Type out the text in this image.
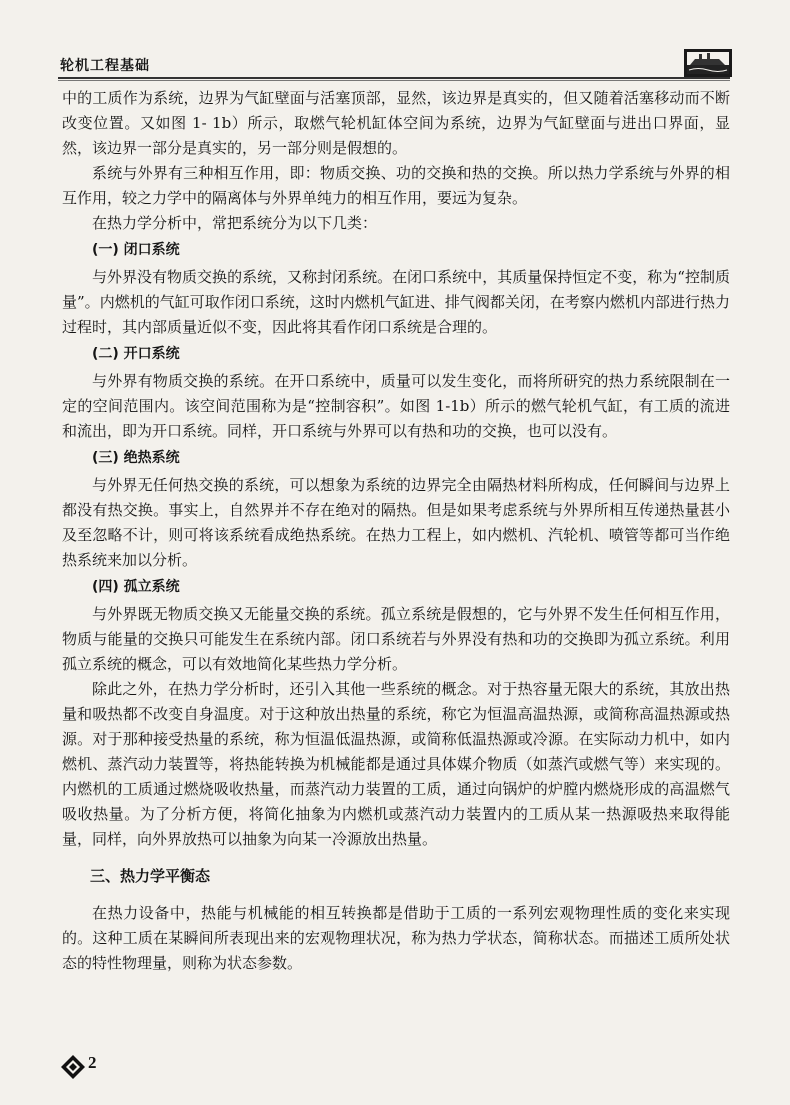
轮机工程基础

中的工质作为系统，边界为气缸壁面与活塞顶部，显然，该边界是真实的，但又随着活塞移动而不断改变位置。又如图 1- 1b）所示，取燃气轮机缸体空间为系统，边界为气缸壁面与进出口界面，显然，该边界一部分是真实的，另一部分则是假想的。

系统与外界有三种相互作用，即：物质交换、功的交换和热的交换。所以热力学系统与外界的相互作用，较之力学中的隔离体与外界单纯力的相互作用，要远为复杂。

在热力学分析中，常把系统分为以下几类：

(一) 闭口系统

与外界没有物质交换的系统，又称封闭系统。在闭口系统中，其质量保持恒定不变，称为“控制质量”。内燃机的气缸可取作闭口系统，这时内燃机气缸进、排气阀都关闭，在考察内燃机内部进行热力过程时，其内部质量近似不变，因此将其看作闭口系统是合理的。

(二) 开口系统

与外界有物质交换的系统。在开口系统中，质量可以发生变化，而将所研究的热力系统限制在一定的空间范围内。该空间范围称为是“控制容积”。如图 1-1b）所示的燃气轮机气缸，有工质的流进和流出，即为开口系统。同样，开口系统与外界可以有热和功的交换，也可以没有。

(三) 绝热系统

与外界无任何热交换的系统，可以想象为系统的边界完全由隔热材料所构成，任何瞬间与边界上都没有热交换。事实上，自然界并不存在绝对的隔热。但是如果考虑系统与外界所相互传递热量甚小及至忽略不计，则可将该系统看成绝热系统。在热力工程上，如内燃机、汽轮机、喷管等都可当作绝热系统来加以分析。

(四) 孤立系统

与外界既无物质交换又无能量交换的系统。孤立系统是假想的，它与外界不发生任何相互作用，物质与能量的交换只可能发生在系统内部。闭口系统若与外界没有热和功的交换即为孤立系统。利用孤立系统的概念，可以有效地简化某些热力学分析。

除此之外，在热力学分析时，还引入其他一些系统的概念。对于热容量无限大的系统，其放出热量和吸热都不改变自身温度。对于这种放出热量的系统，称它为恒温高温热源，或简称高温热源或热源。对于那种接受热量的系统，称为恒温低温热源，或简称低温热源或冷源。在实际动力机中，如内燃机、蒸汽动力装置等，将热能转换为机械能都是通过具体媒介物质（如蒸汽或燃气等）来实现的。内燃机的工质通过燃烧吸收热量，而蒸汽动力装置的工质，通过向锅炉的炉膛内燃烧形成的高温燃气吸收热量。为了分析方便，将简化抽象为内燃机或蒸汽动力装置内的工质从某一热源吸热来取得能量，同样，向外界放热可以抽象为向某一冷源放出热量。

三、热力学平衡态

在热力设备中，热能与机械能的相互转换都是借助于工质的一系列宏观物理性质的变化来实现的。这种工质在某瞬间所表现出来的宏观物理状况，称为热力学状态，简称状态。而描述工质所处状态的特性物理量，则称为状态参数。

2
